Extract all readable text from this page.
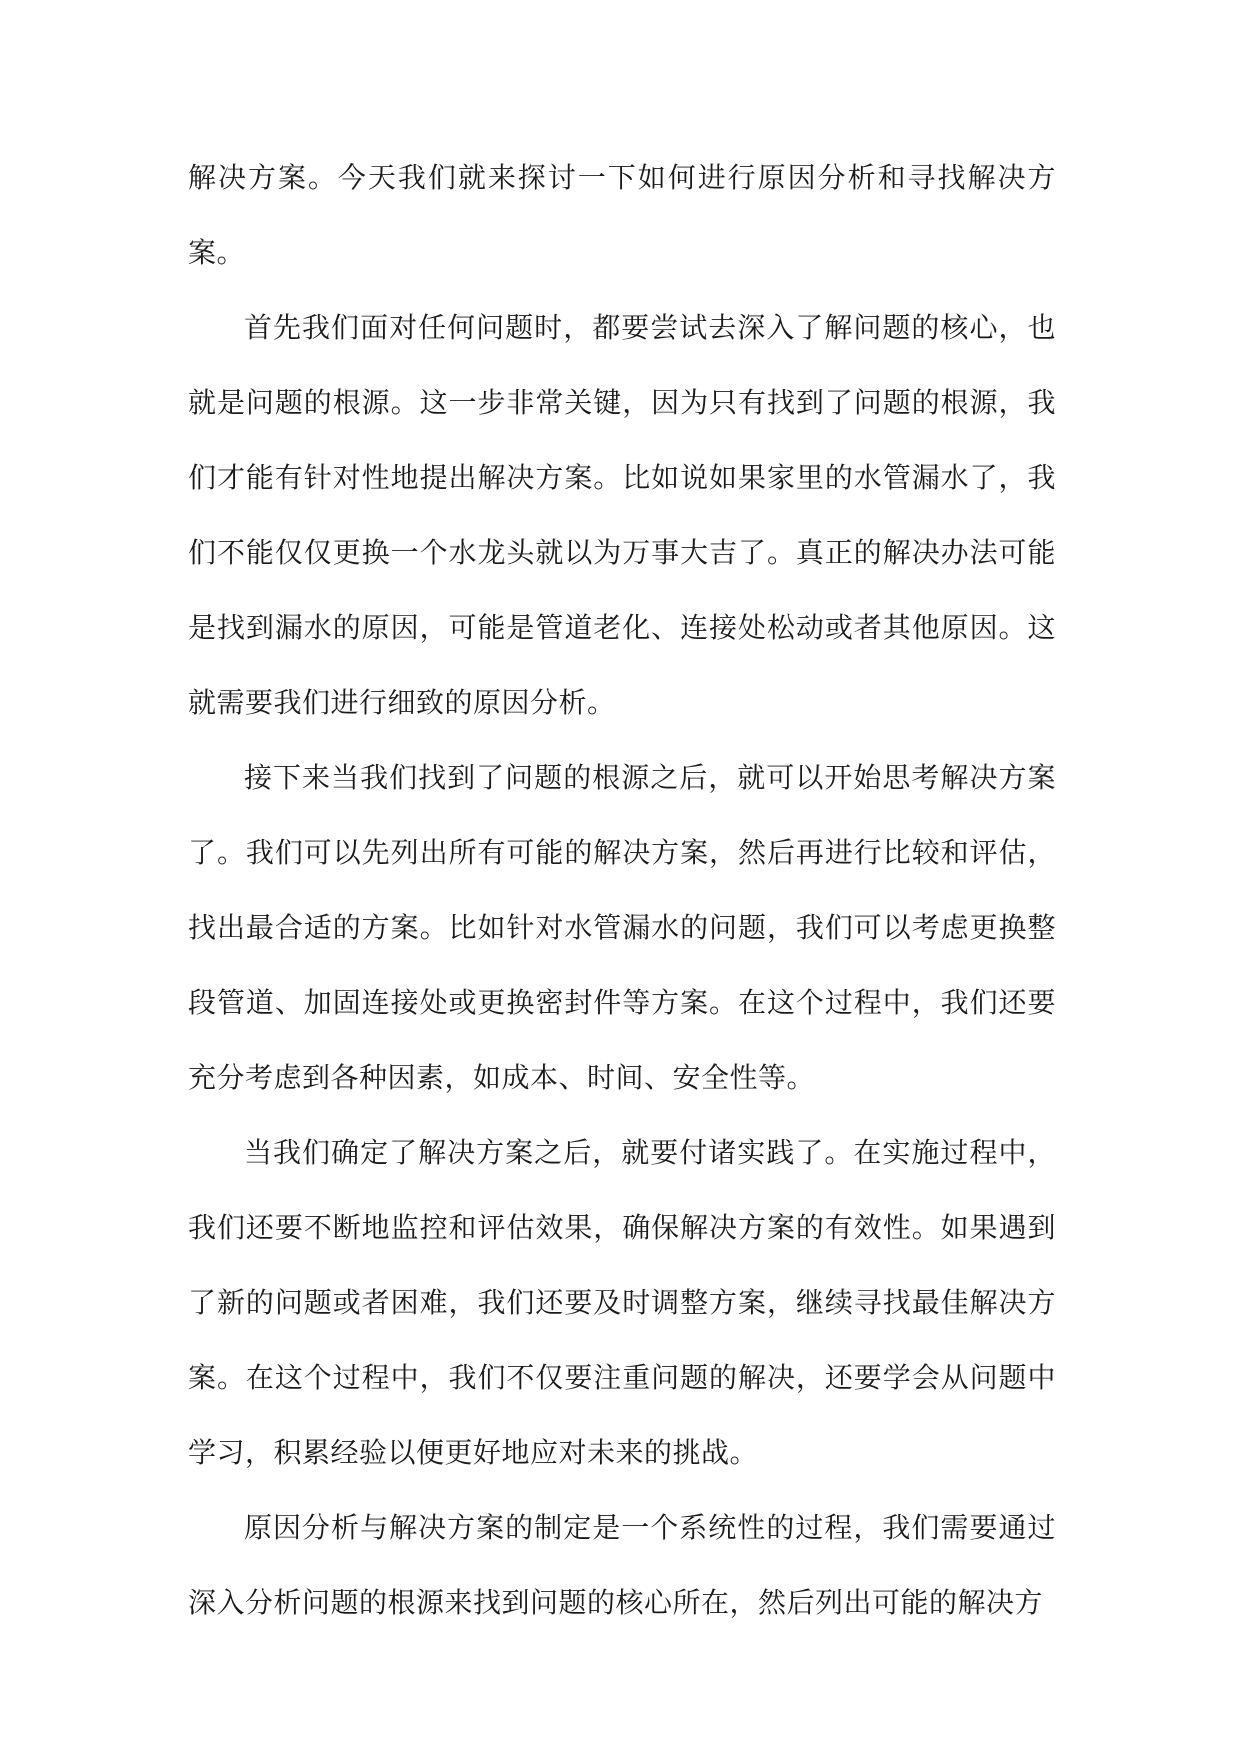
解决方案。今天我们就来探讨一下如何进行原因分析和寻找解决方案。

首先我们面对任何问题时，都要尝试去深入了解问题的核心，也就是问题的根源。这一步非常关键，因为只有找到了问题的根源，我们才能有针对性地提出解决方案。比如说如果家里的水管漏水了，我们不能仅仅更换一个水龙头就以为万事大吉了。真正的解决办法可能是找到漏水的原因，可能是管道老化、连接处松动或者其他原因。这就需要我们进行细致的原因分析。

接下来当我们找到了问题的根源之后，就可以开始思考解决方案了。我们可以先列出所有可能的解决方案，然后再进行比较和评估，找出最合适的方案。比如针对水管漏水的问题，我们可以考虑更换整段管道、加固连接处或更换密封件等方案。在这个过程中，我们还要充分考虑到各种因素，如成本、时间、安全性等。

当我们确定了解决方案之后，就要付诸实践了。在实施过程中，我们还要不断地监控和评估效果，确保解决方案的有效性。如果遇到了新的问题或者困难，我们还要及时调整方案，继续寻找最佳解决方案。在这个过程中，我们不仅要注重问题的解决，还要学会从问题中学习，积累经验以便更好地应对未来的挑战。

原因分析与解决方案的制定是一个系统性的过程，我们需要通过深入分析问题的根源来找到问题的核心所在，然后列出可能的解决方
